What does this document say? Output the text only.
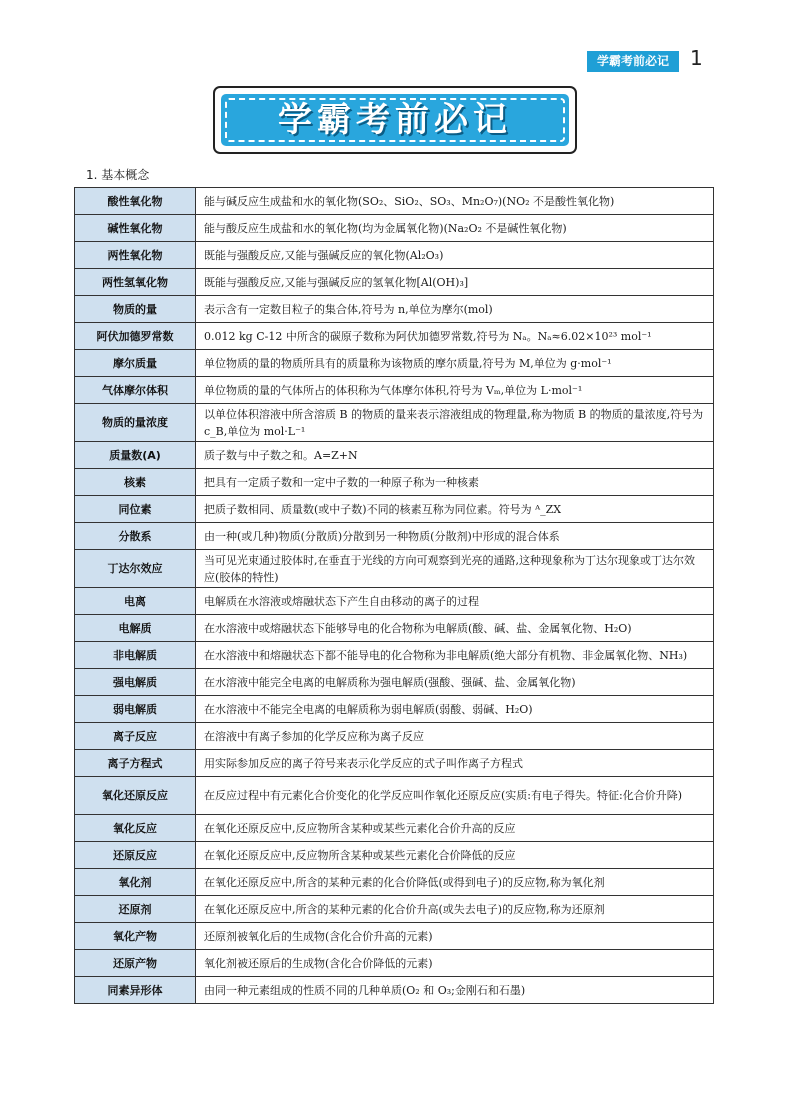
学霸考前必记	1
学霸考前必记
1. 基本概念
酸性氧化物	能与碱反应生成盐和水的氧化物(SO₂、SiO₂、SO₃、Mn₂O₇)(NO₂ 不是酸性氧化物)
碱性氧化物	能与酸反应生成盐和水的氧化物(均为金属氧化物)(Na₂O₂ 不是碱性氧化物)
两性氧化物	既能与强酸反应,又能与强碱反应的氧化物(Al₂O₃)
两性氢氧化物	既能与强酸反应,又能与强碱反应的氢氧化物[Al(OH)₃]
物质的量	表示含有一定数目粒子的集合体,符号为 n,单位为摩尔(mol)
阿伏加德罗常数	0.012 kg C-12 中所含的碳原子数称为阿伏加德罗常数,符号为 Nₐ。Nₐ≈6.02×10²³ mol⁻¹
摩尔质量	单位物质的量的物质所具有的质量称为该物质的摩尔质量,符号为 M,单位为 g·mol⁻¹
气体摩尔体积	单位物质的量的气体所占的体积称为气体摩尔体积,符号为 Vₘ,单位为 L·mol⁻¹
物质的量浓度	以单位体积溶液中所含溶质 B 的物质的量来表示溶液组成的物理量,称为物质 B 的物质的量浓度,符号为 c_B,单位为 mol·L⁻¹
质量数(A)	质子数与中子数之和。A=Z+N
核素	把具有一定质子数和一定中子数的一种原子称为一种核素
同位素	把质子数相同、质量数(或中子数)不同的核素互称为同位素。符号为 ᴬ_ZX
分散系	由一种(或几种)物质(分散质)分散到另一种物质(分散剂)中形成的混合体系
丁达尔效应	当可见光束通过胶体时,在垂直于光线的方向可观察到光亮的通路,这种现象称为丁达尔现象或丁达尔效应(胶体的特性)
电离	电解质在水溶液或熔融状态下产生自由移动的离子的过程
电解质	在水溶液中或熔融状态下能够导电的化合物称为电解质(酸、碱、盐、金属氧化物、H₂O)
非电解质	在水溶液中和熔融状态下都不能导电的化合物称为非电解质(绝大部分有机物、非金属氧化物、NH₃)
强电解质	在水溶液中能完全电离的电解质称为强电解质(强酸、强碱、盐、金属氧化物)
弱电解质	在水溶液中不能完全电离的电解质称为弱电解质(弱酸、弱碱、H₂O)
离子反应	在溶液中有离子参加的化学反应称为离子反应
离子方程式	用实际参加反应的离子符号来表示化学反应的式子叫作离子方程式
氧化还原反应	在反应过程中有元素化合价变化的化学反应叫作氧化还原反应(实质:有电子得失。特征:化合价升降)
氧化反应	在氧化还原反应中,反应物所含某种或某些元素化合价升高的反应
还原反应	在氧化还原反应中,反应物所含某种或某些元素化合价降低的反应
氧化剂	在氧化还原反应中,所含的某种元素的化合价降低(或得到电子)的反应物,称为氧化剂
还原剂	在氧化还原反应中,所含的某种元素的化合价升高(或失去电子)的反应物,称为还原剂
氧化产物	还原剂被氧化后的生成物(含化合价升高的元素)
还原产物	氧化剂被还原后的生成物(含化合价降低的元素)
同素异形体	由同一种元素组成的性质不同的几种单质(O₂ 和 O₃;金刚石和石墨)
